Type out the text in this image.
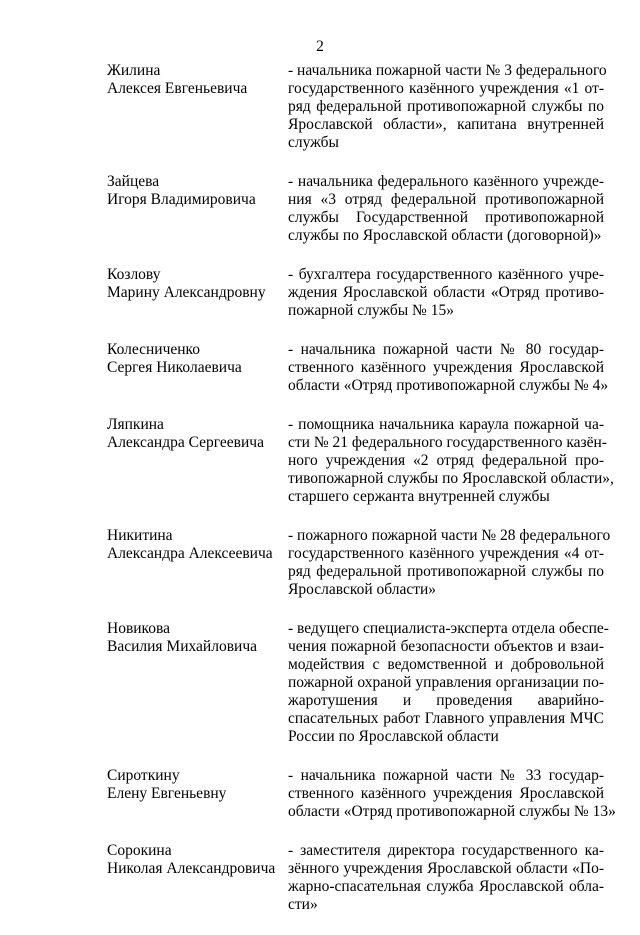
2
Жилина
Алексея Евгеньевича
- начальника пожарной части № 3 федерального
государственного казённого учреждения «1 от-
ряд федеральной противопожарной службы по
Ярославской области», капитана внутренней
службы
Зайцева
Игоря Владимировича
- начальника федерального казённого учрежде-
ния «3 отряд федеральной противопожарной
службы Государственной противопожарной
службы по Ярославской области (договорной)»
Козлову
Марину Александровну
- бухгалтера государственного казённого учре-
ждения Ярославской области «Отряд противо-
пожарной службы № 15»
Колесниченко
Сергея Николаевича
- начальника пожарной части № 80 государ-
ственного казённого учреждения Ярославской
области «Отряд противопожарной службы № 4»
Ляпкина
Александра Сергеевича
- помощника начальника караула пожарной ча-
сти № 21 федерального государственного казён-
ного учреждения «2 отряд федеральной про-
тивопожарной службы по Ярославской области»,
старшего сержанта внутренней службы
Никитина
Александра Алексеевича
- пожарного пожарной части № 28 федерального
государственного казённого учреждения «4 от-
ряд федеральной противопожарной службы по
Ярославской области»
Новикова
Василия Михайловича
- ведущего специалиста-эксперта отдела обеспе-
чения пожарной безопасности объектов и взаи-
модействия с ведомственной и добровольной
пожарной охраной управления организации по-
жаротушения и проведения аварийно-
спасательных работ Главного управления МЧС
России по Ярославской области
Сироткину
Елену Евгеньевну
- начальника пожарной части № 33 государ-
ственного казённого учреждения Ярославской
области «Отряд противопожарной службы № 13»
Сорокина
Николая Александровича
- заместителя директора государственного ка-
зённого учреждения Ярославской области «По-
жарно-спасательная служба Ярославской обла-
сти»
